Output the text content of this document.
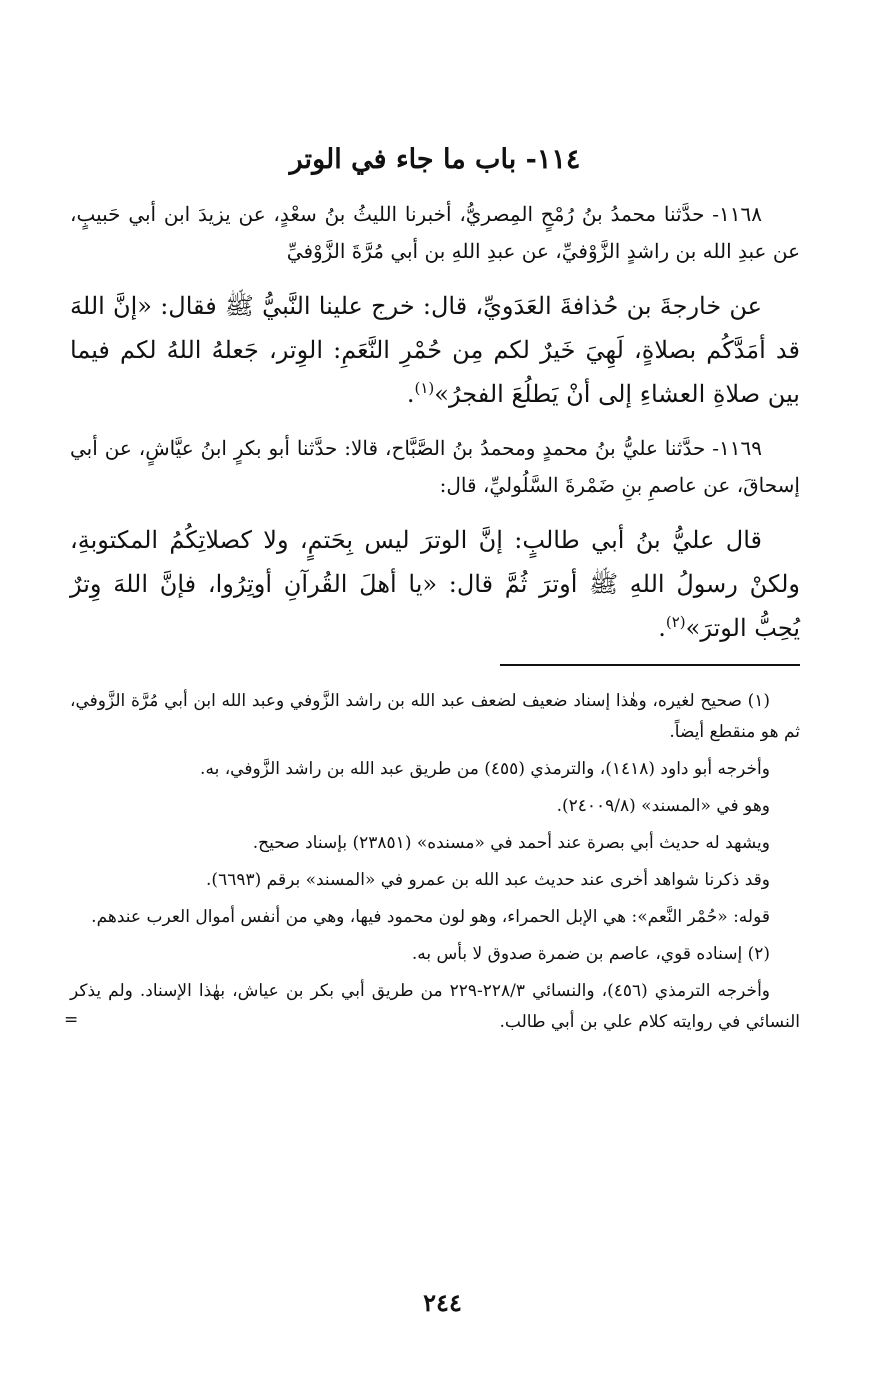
١١٤- باب ما جاء في الوتر

١١٦٨- حدَّثنا محمدُ بنُ رُمْحٍ المِصريُّ، أخبرنا الليثُ بنُ سعْدٍ، عن يزيدَ ابن أبي حَبيبٍ، عن عبدِ الله بن راشدٍ الزَّوْفيِّ، عن عبدِ اللهِ بن أبي مُرَّةَ الزَّوْفيِّ

عن خارجةَ بن حُذافةَ العَدَويِّ، قال: خرج علينا النَّبيُّ ﷺ فقال: «إنَّ اللهَ قد أمَدَّكُم بصلاةٍ، لَهِيَ خَيرٌ لكم مِن حُمْرِ النَّعَمِ: الوِتر، جَعلهُ اللهُ لكم فيما بين صلاةِ العشاءِ إلى أنْ يَطلُعَ الفجرُ»$^{(١)}$.

١١٦٩- حدَّثنا عليُّ بنُ محمدٍ ومحمدُ بنُ الصَّبَّاح، قالا: حدَّثنا أبو بكرٍ ابنُ عيَّاشٍ، عن أبي إسحاقَ، عن عاصمِ بنِ ضَمْرةَ السَّلُوليِّ، قال:

قال عليُّ بنُ أبي طالبٍ: إنَّ الوترَ ليس بِحَتمٍ، ولا كصلاتِكُمُ المكتوبةِ، ولكنْ رسولُ اللهِ ﷺ أوترَ ثُمَّ قال: «يا أهلَ القُرآنِ أوتِرُوا، فإنَّ اللهَ وِترٌ يُحِبُّ الوترَ»$^{(٢)}$.

(١) صحيح لغيره، وهٰذا إسناد ضعيف لضعف عبد الله بن راشد الزَّوفي وعبد الله ابن أبي مُرَّة الزَّوفي، ثم هو منقطع أيضاً.

وأخرجه أبو داود (١٤١٨)، والترمذي (٤٥٥) من طريق عبد الله بن راشد الزَّوفي، به.

وهو في «المسند» (٢٤٠٠٩/٨).

ويشهد له حديث أبي بصرة عند أحمد في «مسنده» (٢٣٨٥١) بإسناد صحيح.

وقد ذكرنا شواهد أخرى عند حديث عبد الله بن عمرو في «المسند» برقم (٦٦٩٣).

قوله: «حُمْر النَّعم»: هي الإبل الحمراء، وهو لون محمود فيها، وهي من أنفس أموال العرب عندهم.

(٢) إسناده قوي، عاصم بن ضمرة صدوق لا بأس به.

وأخرجه الترمذي (٤٥٦)، والنسائي ٢٢٨/٣-٢٢٩ من طريق أبي بكر بن عياش، بهٰذا الإسناد. ولم يذكر النسائي في روايته كلام علي بن أبي طالب.
=

٢٤٤
